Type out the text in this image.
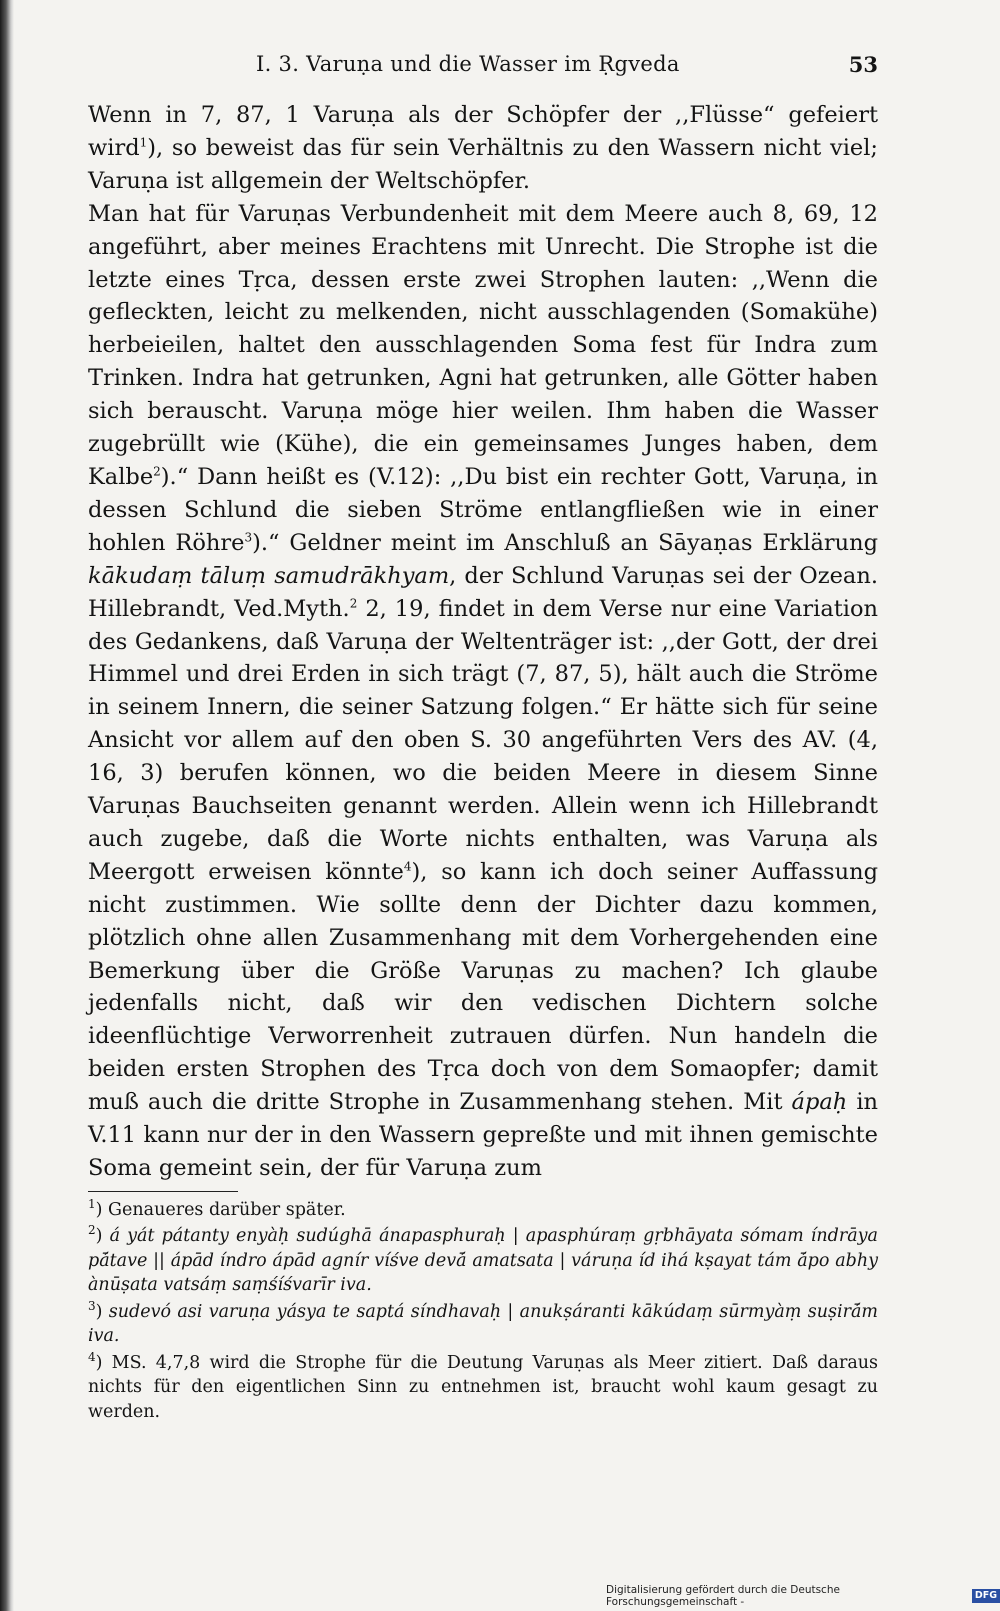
I. 3. Varuṇa und die Wasser im Ṛgveda	53

Wenn in 7, 87, 1 Varuṇa als der Schöpfer der ,,Flüsse“ gefeiert wird$^1$), so beweist das für sein Verhältnis zu den Wassern nicht viel; Varuṇa ist allgemein der Weltschöpfer.

Man hat für Varuṇas Verbundenheit mit dem Meere auch 8, 69, 12 angeführt, aber meines Erachtens mit Unrecht. Die Strophe ist die letzte eines Tṛca, dessen erste zwei Strophen lauten: ,,Wenn die gefleckten, leicht zu melkenden, nicht ausschlagenden (Somakühe) herbeieilen, haltet den ausschlagenden Soma fest für Indra zum Trinken. Indra hat getrunken, Agni hat getrunken, alle Götter haben sich berauscht. Varuṇa möge hier weilen. Ihm haben die Wasser zugebrüllt wie (Kühe), die ein gemeinsames Junges haben, dem Kalbe$^2$).“ Dann heißt es (V.12): ,,Du bist ein rechter Gott, Varuṇa, in dessen Schlund die sieben Ströme entlangfließen wie in einer hohlen Röhre$^3$).“ Geldner meint im Anschluß an Sāyaṇas Erklärung kākudaṃ tāluṃ samudrākhyam, der Schlund Varuṇas sei der Ozean. Hillebrandt, Ved.Myth.$^2$ 2, 19, findet in dem Verse nur eine Variation des Gedankens, daß Varuṇa der Weltenträger ist: ,,der Gott, der drei Himmel und drei Erden in sich trägt (7, 87, 5), hält auch die Ströme in seinem Innern, die seiner Satzung folgen.“ Er hätte sich für seine Ansicht vor allem auf den oben S. 30 angeführten Vers des AV. (4, 16, 3) berufen können, wo die beiden Meere in diesem Sinne Varuṇas Bauchseiten genannt werden. Allein wenn ich Hillebrandt auch zugebe, daß die Worte nichts enthalten, was Varuṇa als Meergott erweisen könnte$^4$), so kann ich doch seiner Auffassung nicht zustimmen. Wie sollte denn der Dichter dazu kommen, plötzlich ohne allen Zusammenhang mit dem Vorhergehenden eine Bemerkung über die Größe Varuṇas zu machen? Ich glaube jedenfalls nicht, daß wir den vedischen Dichtern solche ideenflüchtige Verworrenheit zutrauen dürfen. Nun handeln die beiden ersten Strophen des Tṛca doch von dem Somaopfer; damit muß auch die dritte Strophe in Zusammenhang stehen. Mit ápaḥ in V.11 kann nur der in den Wassern gepreßte und mit ihnen gemischte Soma gemeint sein, der für Varuṇa zum

$^1$) Genaueres darüber später.

$^2$) á yát pátanty enyàḥ sudúghā ánapasphuraḥ | apasphúraṃ gṛbhāyata sómam índrāya pā́tave || ápād índro ápād agnír víśve devā́ amatsata | váruṇa íd ihá kṣayat tám ā́po abhy ànūṣata vatsáṃ saṃśíśvarīr iva.

$^3$) sudevó asi varuṇa yásya te saptá síndhavaḥ | anukṣáranti kākúdaṃ sūrmyàṃ suṣirā́m iva.

$^4$) MS. 4,7,8 wird die Strophe für die Deutung Varuṇas als Meer zitiert. Daß daraus nichts für den eigentlichen Sinn zu entnehmen ist, braucht wohl kaum gesagt zu werden.

Digitalisierung gefördert durch die Deutsche Forschungsgemeinschaft -
DFG
